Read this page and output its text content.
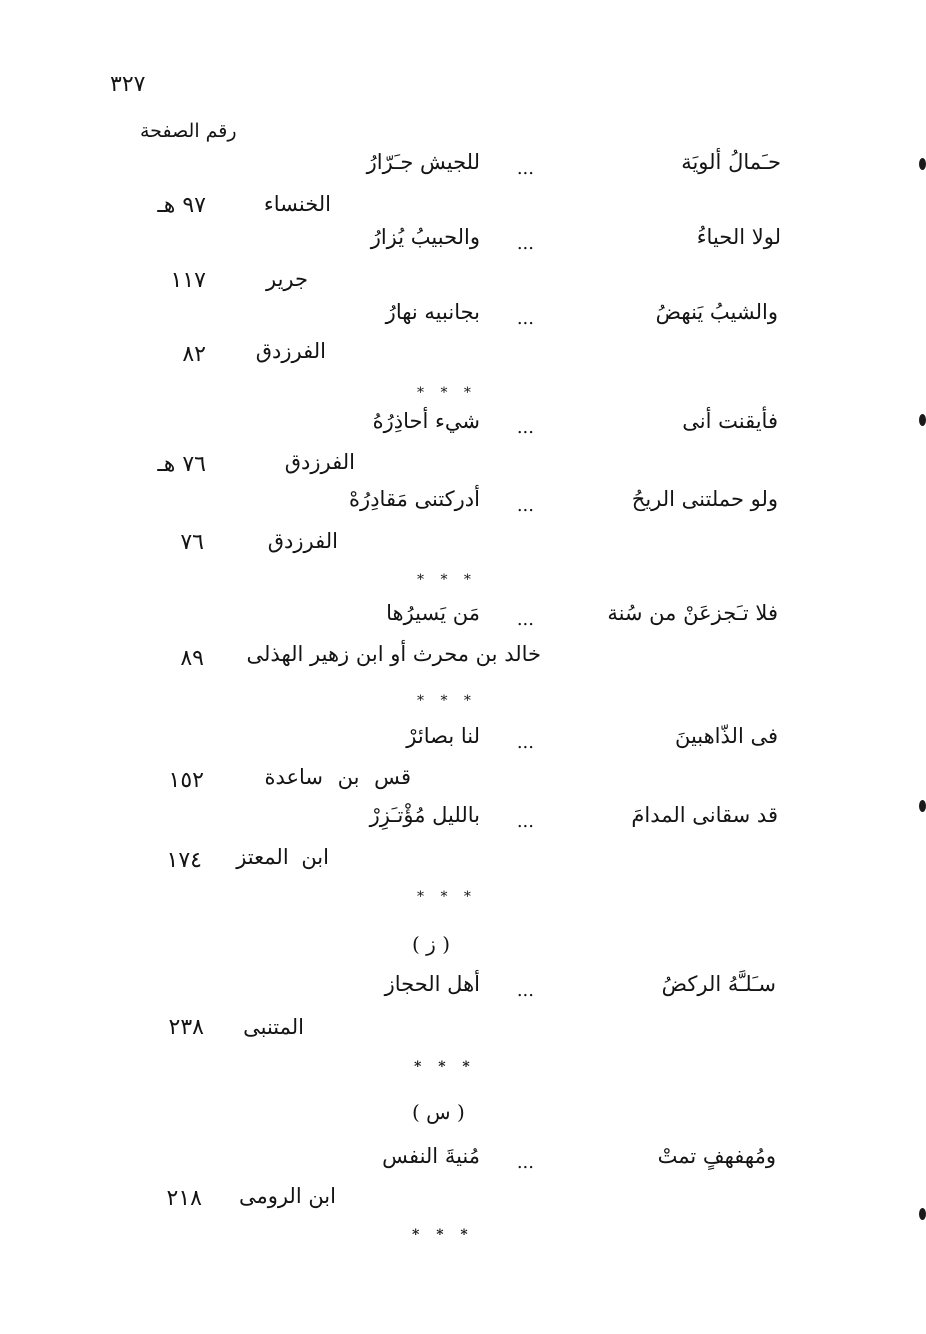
٣٢٧
رقم الصفحة
حـَمالُ ألويَة
...
للجيش جـَرّارُ
الخنساء
٩٧ هـ
لولا الحياءُ
...
والحبيبُ يُزارُ
جرير
١١٧
والشيبُ يَنهضُ
...
بجانبيه نهارُ
الفرزدق
٨٢
* * *
فأيقنت أنى
...
شيء أحاذِرُهُ
الفرزدق
٧٦ هـ
ولو حملتنى الريحُ
...
أدركتنى مَقادِرُهْ
الفرزدق
٧٦
* * *
فلا تـَجزعَنْ من سُنة
...
مَن يَسيرُها
خالد بن محرث أو ابن زهير الهذلى
٨٩
* * *
فى الذّاهبينَ
...
لنا بصائرْ
قس بن ساعدة
١٥٢
قد سقانى المدامَ
...
بالليل مُؤْتـَزِرْ
ابن المعتز
١٧٤
* * *
( ز )
سـَلـَّهُ الركضُ
...
أهل الحجاز
المتنبى
٢٣٨
* * *
( س )
ومُهفهفٍ تمتْ
...
مُنيةَ النفس
ابن الرومى
٢١٨
* * *
